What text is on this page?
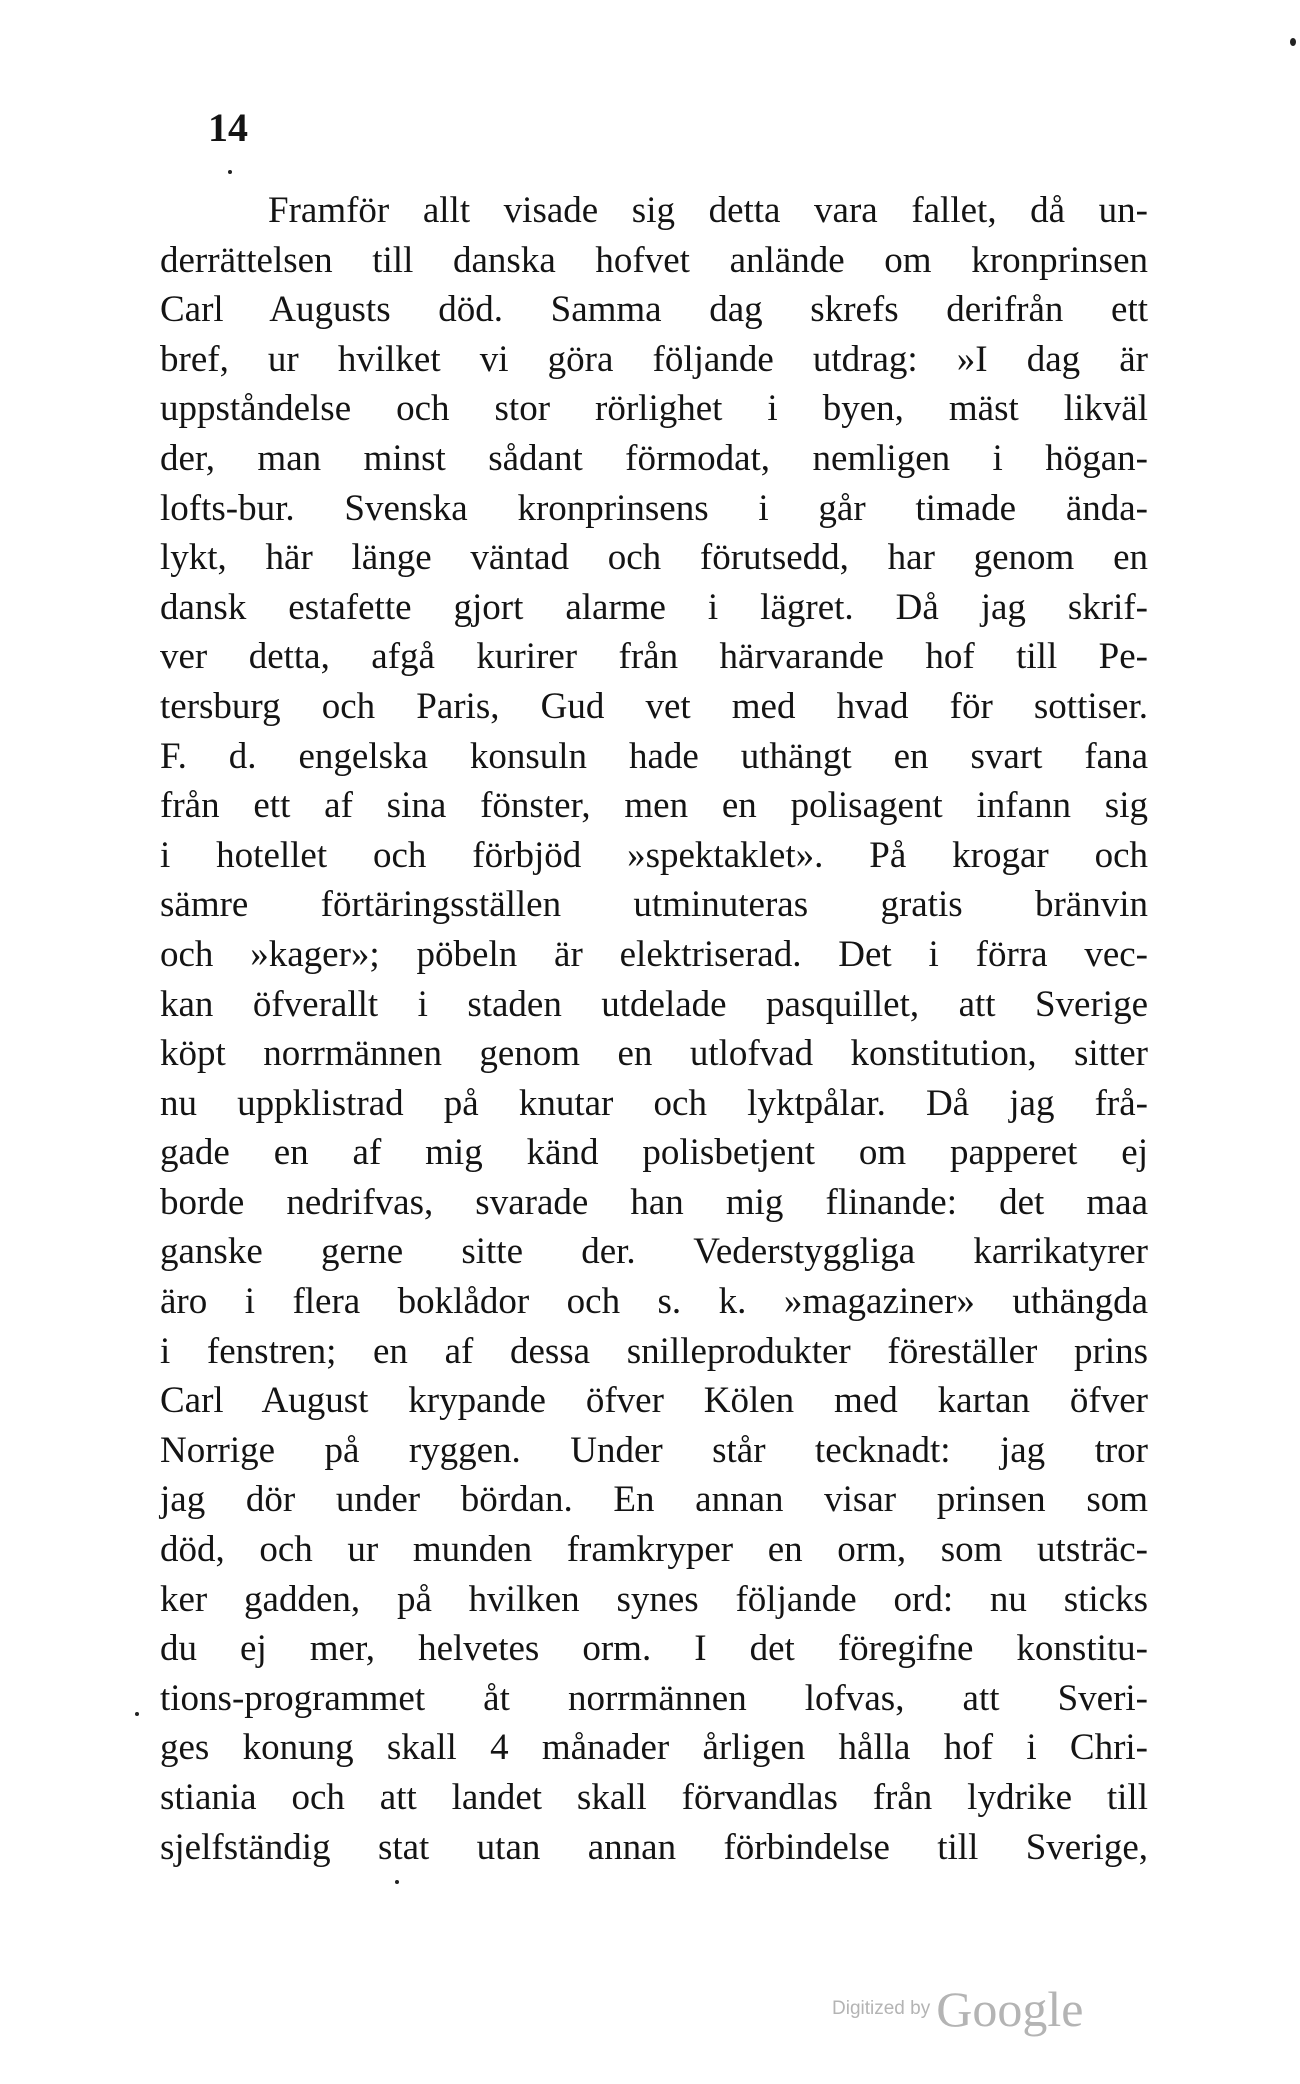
14
Framför allt visade sig detta vara fallet, då un-
derrättelsen till danska hofvet anlände om kronprinsen
Carl Augusts död. Samma dag skrefs derifrån ett
bref, ur hvilket vi göra följande utdrag: »I dag är
uppståndelse och stor rörlighet i byen, mäst likväl
der, man minst sådant förmodat, nemligen i högan-
lofts-bur. Svenska kronprinsens i går timade ända-
lykt, här länge väntad och förutsedd, har genom en
dansk estafette gjort alarme i lägret. Då jag skrif-
ver detta, afgå kurirer från härvarande hof till Pe-
tersburg och Paris, Gud vet med hvad för sottiser.
F. d. engelska konsuln hade uthängt en svart fana
från ett af sina fönster, men en polisagent infann sig
i hotellet och förbjöd »spektaklet». På krogar och
sämre förtäringsställen utminuteras gratis bränvin
och »kager»; pöbeln är elektriserad. Det i förra vec-
kan öfverallt i staden utdelade pasquillet, att Sverige
köpt norrmännen genom en utlofvad konstitution, sitter
nu uppklistrad på knutar och lyktpålar. Då jag frå-
gade en af mig känd polisbetjent om papperet ej
borde nedrifvas, svarade han mig flinande: det maa
ganske gerne sitte der. Vederstyggliga karrikatyrer
äro i flera boklådor och s. k. »magaziner» uthängda
i fenstren; en af dessa snilleprodukter föreställer prins
Carl August krypande öfver Kölen med kartan öfver
Norrige på ryggen. Under står tecknadt: jag tror
jag dör under bördan. En annan visar prinsen som
död, och ur munden framkryper en orm, som utsträc-
ker gadden, på hvilken synes följande ord: nu sticks
du ej mer, helvetes orm. I det föregifne konstitu-
tions-programmet åt norrmännen lofvas, att Sveri-
ges konung skall 4 månader årligen hålla hof i Chri-
stiania och att landet skall förvandlas från lydrike till
sjelfständig stat utan annan förbindelse till Sverige,
Digitized by Google
